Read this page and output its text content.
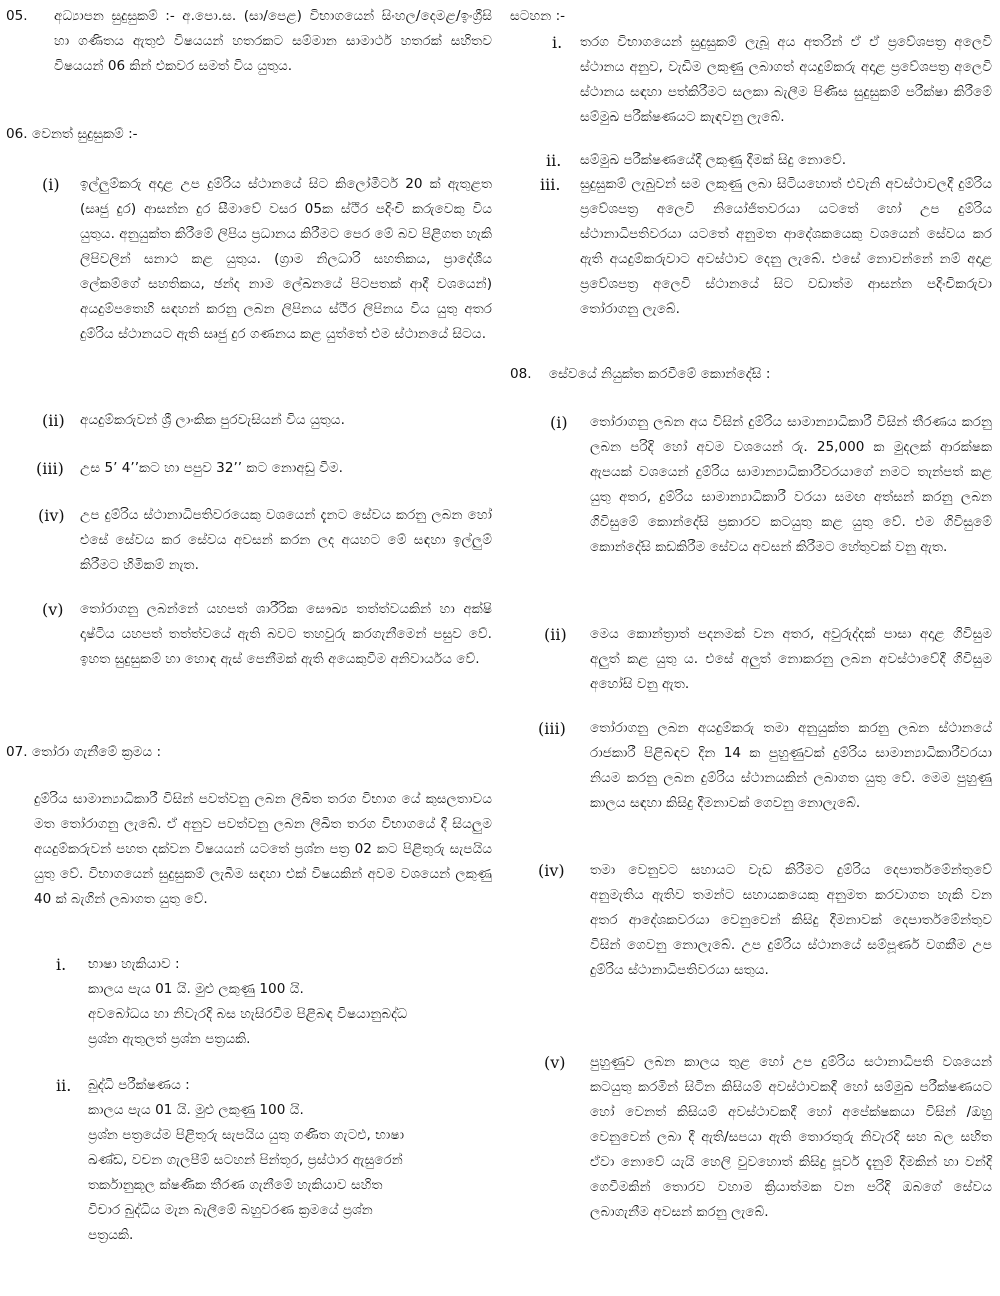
05. අධ්‍යාපන සුදුසුකම් :- අ.පො.ස. (සා/පෙළ) විභාගයෙන් සිංහල/දෙමළ/ඉංග්‍රීසි හා ගණිතය ඇතුළු විෂයයන් හතරකට සම්මාන සාමාර්ථ හතරක් සහිතව විෂයයන් 06 කින් එකවර සමත් විය යුතුය.

06. වෙනත් සුදුසුකම් :-
(i) ඉල්ලුම්කරු අදාළ උප දුම්රිය ස්ථානයේ සිට කිලෝමීටර් 20 ක් ඇතුළත (සෘජු දුර) ආසන්න දුර සීමාවේ වසර 05ක ස්ථිර පදිංචි කරුවෙකු විය යුතුය. අනුයුක්ත කිරීමේ ලිපිය ප්‍රධානය කිරීමට පෙර මේ බව පිළිගත හැකි ලිපිවලින් සනාථ කළ යුතුය. (ග්‍රාම නිලධාරි සහතිකය, ප්‍රාදේශීය ලේකම්ගේ සහතිකය, ඡන්ද නාම ලේඛනයේ පිටපතක් ආදී වශයෙන්) අයදුම්පතෙහි සඳහන් කරනු ලබන ලිපිනය ස්ථිර ලිපිනය විය යුතු අතර දුම්රිය ස්ථානයට ඇති සෘජු දුර ගණනය කළ යුත්තේ එම ස්ථානයේ සිටය.

(ii) අයදුම්කරුවන් ශ්‍රී ලාංකික පුරවැසියන් විය යුතුය.

(iii) උස 5’ 4’’කට හා පපුව 32’’ කට නොඅඩු වීම.

(iv) උප දුම්රිය ස්ථානාධිපතිවරයෙකු වශයෙන් දැනට සේවය කරනු ලබන හෝ එසේ සේවය කර සේවය අවසන් කරන ලද අයහට මේ සඳහා ඉල්ලුම් කිරීමට හිමිකම් නැත.

(v) තෝරාගනු ලබන්නේ යහපත් ශාරීරික සෞඛ්‍ය තත්ත්වයකින් හා අක්ෂි දෘෂ්ටිය යහපත් තත්ත්වයේ ඇති බවට තහවුරු කරගැනීමෙන් පසුව වේ. ඉහත සුදුසුකම් හා හොඳ ඇස් පෙනීමක් ඇති අයෙකුවීම අනිවාර්යය වේ.

07. තෝරා ගැනීමේ ක්‍රමය :

දුම්රිය සාමාන්‍යාධිකාරී විසින් පවත්වනු ලබන ලිඛිත තරග විභාග යේ කුසලතාවය මත තෝරාගනු ලැබේ. ඒ අනුව පවත්වනු ලබන ලිඛිත තරග විභාගයේ දී සියලුම අයදුම්කරුවන් පහත දක්වන විෂයයන් යටතේ ප්‍රශ්න පත්‍ර 02 කට පිළිතුරු සැපයිය යුතු වේ. විභාගයෙන් සුදුසුකම් ලැබීම සඳහා එක් විෂයකින් අවම වශයෙන් ලකුණු 40 ක් බැගින් ලබාගත යුතු වේ.

i. භාෂා හැකියාව :
කාලය පැය 01 යි. මුළු ලකුණු 100 යි.
අවබෝධය හා නිවැරදි බස හැසිරවීම පිළිබඳ විෂයානුබද්ධ
ප්‍රශ්න ඇතුලත් ප්‍රශ්න පත්‍රයකි.
ii. බුද්ධි පරීක්ෂණය :
කාලය පැය 01 යි. මුළු ලකුණු 100 යි.
ප්‍රශ්න පත්‍රයේම පිළිතුරු සැපයිය යුතු ගණිත ගැටළු, භාෂා
ඛණ්ඩ, වචන ගැලපීම් සටහන් පින්තූර, ප්‍රස්ථාර ඇසුරෙන්
තර්කානුකූල ක්ෂණික තීරණ ගැනීමේ හැකියාව සහිත
විචාර බුද්ධිය මැන බැලීමේ බහුවරණ ක්‍රමයේ ප්‍රශ්න
පත්‍රයකි.
සටහන :-
i. තරග විභාගයෙන් සුදුසුකම් ලැබූ අය අතරින් ඒ ඒ ප්‍රවේශපත්‍ර අලෙවි ස්ථානය අනුව, වැඩිම ලකුණු ලබාගත් අයදුම්කරු අදාළ ප්‍රවේශපත්‍ර අලෙවි ස්ථානය සඳහා පත්කිරීමට සලකා බැලීම පිණිස සුදුසුකම් පරීක්ෂා කිරීමේ සම්මුඛ පරීක්ෂණයට කැඳවනු ලැබේ.

ii. සම්මුඛ පරීක්ෂණයේදී ලකුණු දීමක් සිදු නොවේ.

iii. සුදුසුකම් ලැබුවන් සම ලකුණු ලබා සිටියහොත් එවැනි අවස්ථාවලදී දුම්රිය ප්‍රවේශපත්‍ර අලෙවි නියෝජිතවරයා යටතේ හෝ උප දුම්රිය ස්ථානාධිපතිවරයා යටතේ අනුමත ආදේශකයෙකු වශයෙන් සේවය කර ඇති අයදුම්කරුවාට අවස්ථාව දෙනු ලැබේ. එසේ නොවන්නේ නම් අදාළ ප්‍රවේශපත්‍ර අලෙවි ස්ථානයේ සිට වඩාත්ම ආසන්න පදිංචිකරුවා තෝරාගනු ලැබේ.

08.    සේවයේ නියුක්ත කරවීමේ කොන්දේසි :
(i) තෝරාගනු ලබන අය විසින් දුම්රිය සාමාන්‍යාධිකාරී විසින් තීරණය කරනු ලබන පරිදි හෝ අවම වශයෙන් රු. 25,000 ක මුදලක් ආරක්ෂක ඇපයක් වශයෙන් දුම්රිය සාමාන්‍යාධිකාරීවරයාගේ නමට තැන්පත් කළ යුතු අතර, දුම්රිය සාමාන්‍යාධිකාරී වරයා සමඟ අත්සන් කරනු ලබන ගිවිසුමේ කොන්දේසි ප්‍රකාරව කටයුතු කළ යුතු වේ. එම ගිවිසුමේ කොන්දේසි කඩකිරීම සේවය අවසන් කිරීමට හේතුවක් වනු ඇත.

(ii) මෙය කොන්ත්‍රාත් පදනමක් වන අතර, අවුරුද්දක් පාසා අදාළ ගිවිසුම අලුත් කළ යුතු ය. එසේ අලුත් නොකරනු ලබන අවස්ථාවේදී ගිවිසුම අහෝසි වනු ඇත.

(iii) තෝරාගනු ලබන අයදුම්කරු තමා අනුයුක්ත කරනු ලබන ස්ථානයේ රාජකාරී පිළිබඳව දින 14 ක පුහුණුවක් දුම්රිය සාමාන්‍යාධිකාරීවරයා නියම කරනු ලබන දුම්රිය ස්ථානයකින් ලබාගත යුතු වේ. මෙම පුහුණු කාලය සඳහා කිසිදු දීමනාවක් ගෙවනු නොලැබේ.

(iv) තමා වෙනුවට සහායට වැඩ කිරීමට දුම්රිය දෙපාර්තමේන්තුවේ අනුමැතිය ඇතිව තමන්ට සහායකයෙකු අනුමත කරවාගත හැකි වන අතර ආදේශකවරයා වෙනුවෙන් කිසිදු දීමනාවක් දෙපාර්තමේන්තුව විසින් ගෙවනු නොලැබේ. උප දුම්රිය ස්ථානයේ සම්පූර්ණ වගකීම උප දුම්රිය ස්ථානාධිපතිවරයා සතුය.

(v) පුහුණුව ලබන කාලය තුළ හෝ උප දුම්රිය සථානාධිපති වශයෙන් කටයුතු කරමින් සිටින කිසියම් අවස්ථාවකදී හෝ සම්මුඛ පරීක්ෂණයට හෝ වෙනත් කිසියම් අවස්ථාවකදී හෝ අපේක්ෂකයා විසින් /ඔහු වෙනුවෙන් ලබා දී ඇති/සපයා ඇති තොරතුරු නිවැරදි සහ බල සහිත ඒවා නොවේ යැයි හෙලි වුවහොත් කිසිදු පූර්ව දැනුම් දීමකින් හා වන්දි ගෙවීමකින් තොරව වහාම ක්‍රියාත්මක වන පරිදි ඔබගේ සේවය ලබාගැනීම අවසන් කරනු ලැබේ.
